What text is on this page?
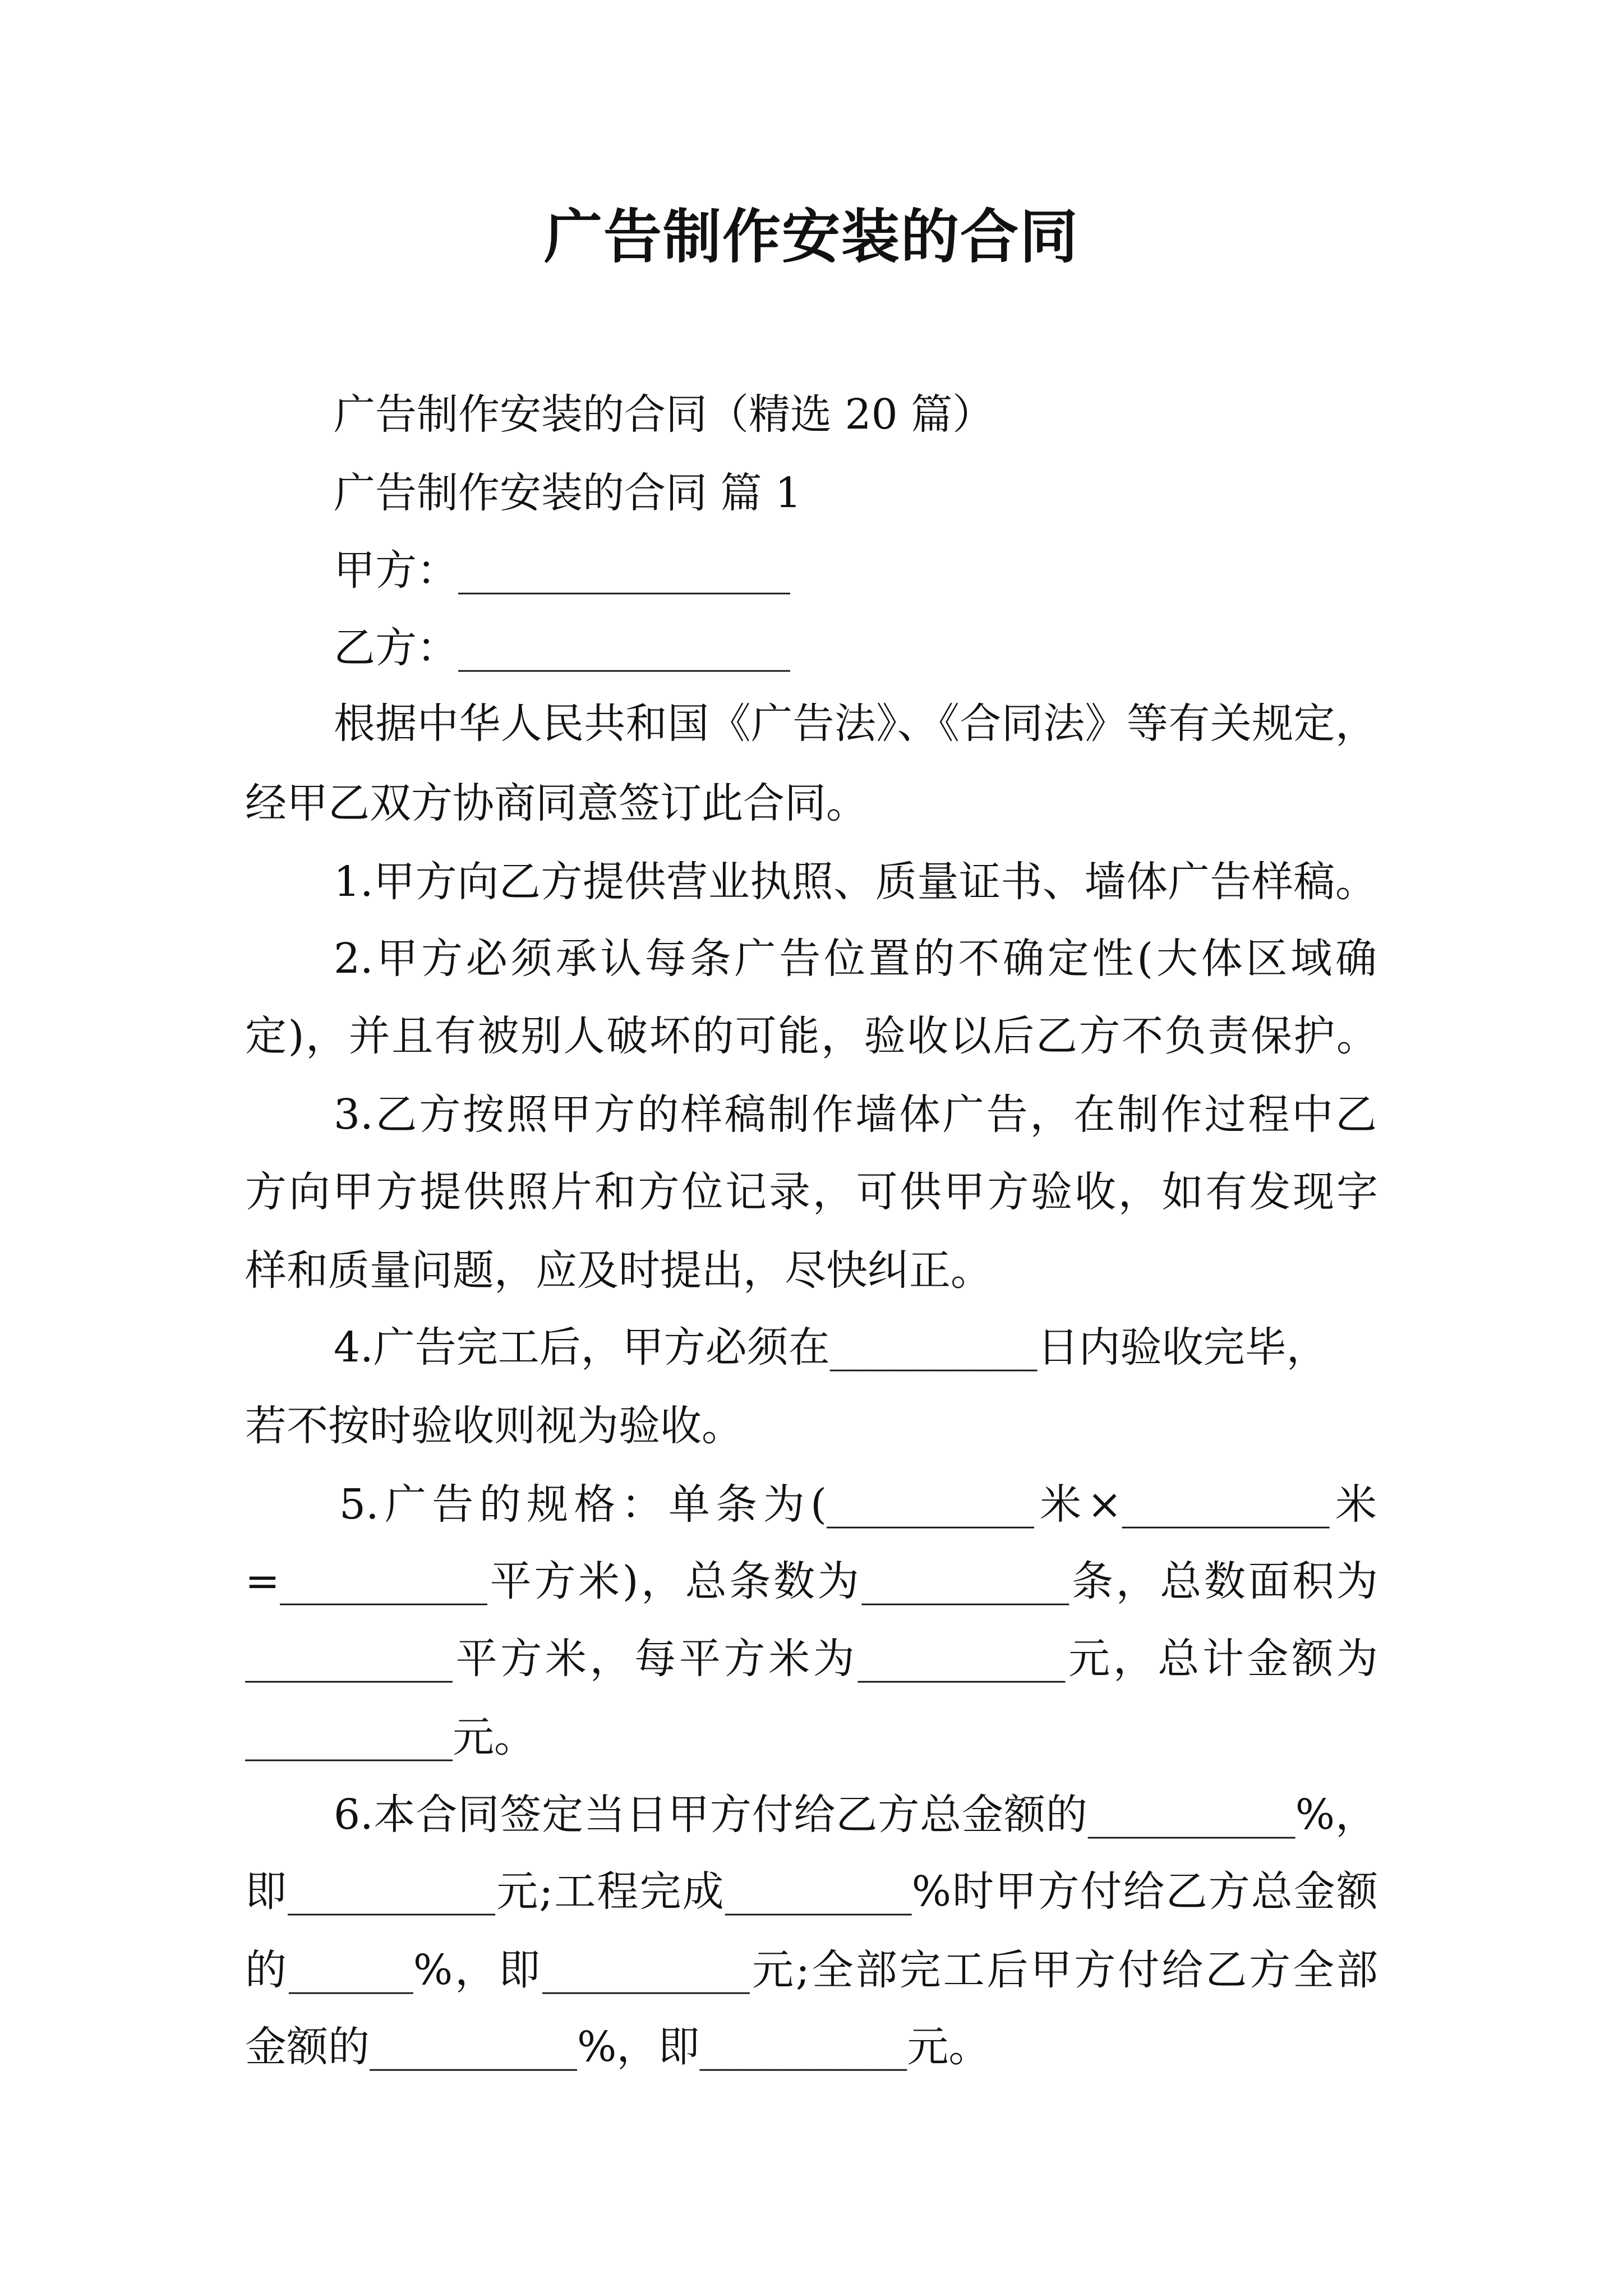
广告制作安装的合同
广告制作安装的合同（精选 20 篇）
广告制作安装的合同 篇 1
甲方：________________
乙方：________________
根据中华人民共和国《广告法》、《合同法》等有关规定，
经甲乙双方协商同意签订此合同。
1.甲方向乙方提供营业执照、质量证书、墙体广告样稿。
2.甲方必须承认每条广告位置的不确定性(大体区域确
定)，并且有被别人破坏的可能，验收以后乙方不负责保护。
3.乙方按照甲方的样稿制作墙体广告，在制作过程中乙
方向甲方提供照片和方位记录，可供甲方验收，如有发现字
样和质量问题，应及时提出，尽快纠正。
4.广告完工后，甲方必须在__________日内验收完毕，
若不按时验收则视为验收。
5.广告的规格：单条为(__________米×__________米
=__________平方米)，总条数为__________条，总数面积为
__________平方米，每平方米为__________元，总计金额为
__________元。
6.本合同签定当日甲方付给乙方总金额的__________%，
即__________元;工程完成_________%时甲方付给乙方总金额
的______%，即__________元;全部完工后甲方付给乙方全部
金额的__________%，即__________元。
